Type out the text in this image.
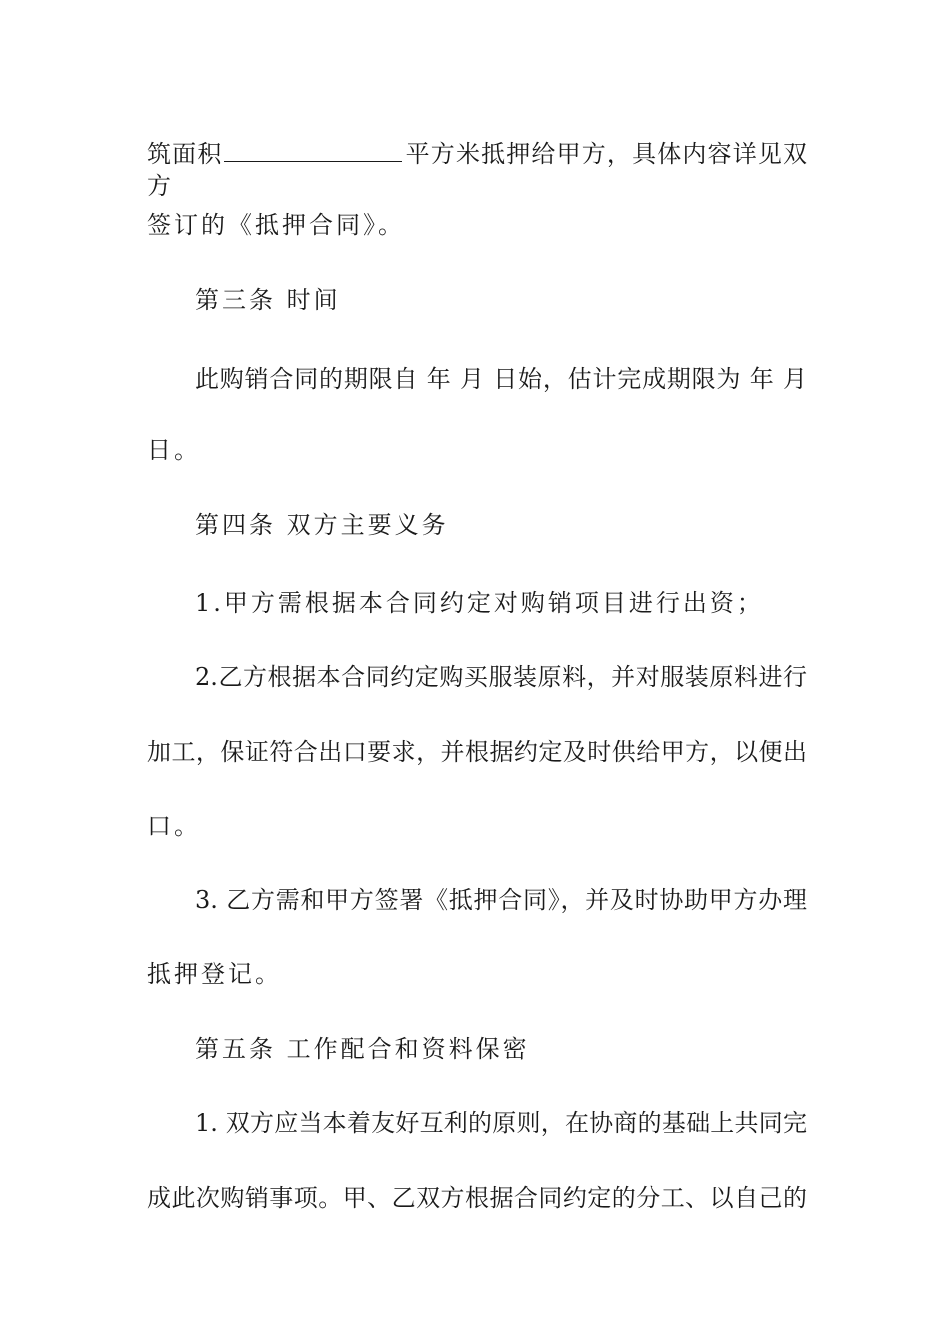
筑面积	平方米抵押给甲方，具体内容详见双方
签订的《抵押合同》。
第三条 时间
此购销合同的期限自 年 月 日始，估计完成期限为 年 月
日。
第四条 双方主要义务
1.甲方需根据本合同约定对购销项目进行出资；
2.乙方根据本合同约定购买服装原料，并对服装原料进行
加工，保证符合出口要求，并根据约定及时供给甲方，以便出
口。
3. 乙方需和甲方签署《抵押合同》，并及时协助甲方办理
抵押登记。
第五条 工作配合和资料保密
1. 双方应当本着友好互利的原则，在协商的基础上共同完
成此次购销事项。甲、乙双方根据合同约定的分工、以自己的
